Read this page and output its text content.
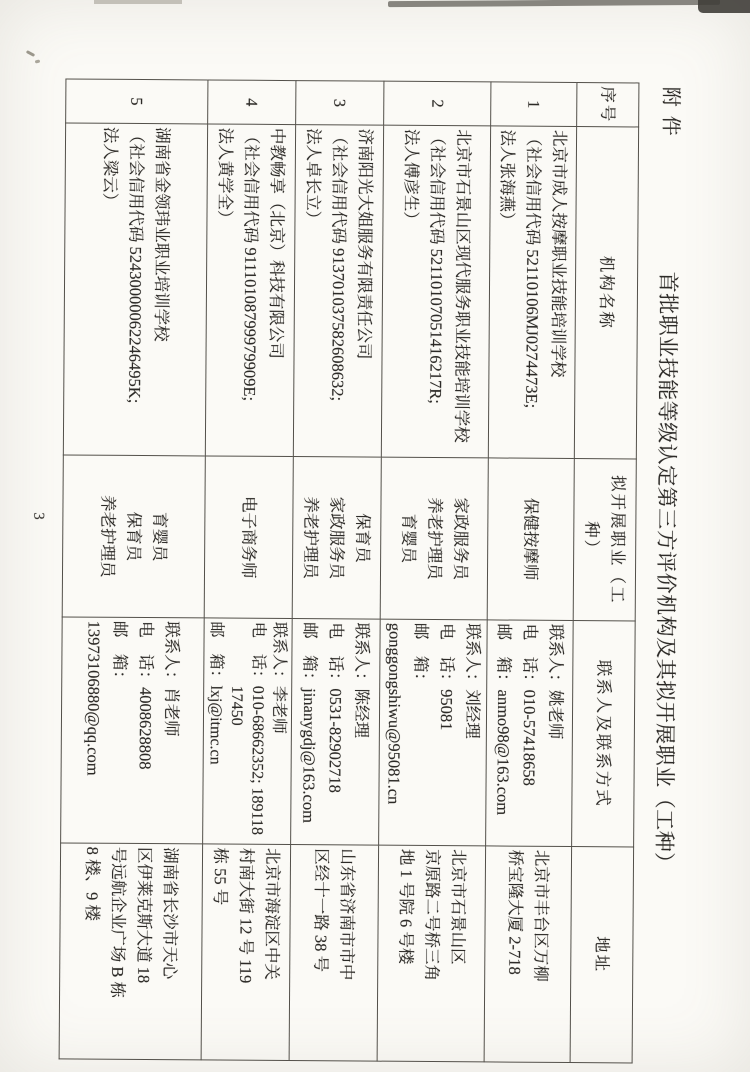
附件
首批职业技能等级认定第三方评价机构及其拟开展职业（工种）
序号	机构名称	拟开展职业（工种）	联系人及联系方式	地址
1	北京市成人按摩职业技能培训学校
（社会信用代码 52110106MJ0274473E;
法人张海燕）	保健按摩师	联系人：姚老师
电　话：010-57418658
邮　箱：anmo98@163.com	北京市丰台区万柳
桥宝隆大厦 2-718
2	北京市石景山区现代服务职业技能培训学校
（社会信用代码 52110107051416217R;
法人傅彦生）	家政服务员
养老护理员
育婴员	联系人：刘经理
电　话：95081
邮　箱：gonggongshiwu@95081.cn	北京市石景山区
京原路二号桥三角
地 1 号院 6 号楼
3	济南阳光大姐服务有限责任公司
（社会信用代码 913701037582608632;
法人卓长立）	保育员
家政服务员
养老护理员	联系人：陈经理
电　话：0531-82902718
邮　箱：jinanygdj@163.com	山东省济南市市中
区经十一路 38 号
4	中教畅享（北京）科技有限公司
（社会信用代码 91110108799979909E;
法人黄学全）	电子商务师	联系人：李老师
电　话：010-68662352; 189118
　　　　17450
邮　箱：lxj@itmc.cn	北京市海淀区中关
村南大街 12 号 119
栋 55 号
5	湖南省金领玮业职业培训学校
（社会信用代码 52430000062246495K;
法人梁云）	育婴员
保育员
养老护理员	联系人：肖老师
电　话：4008628808
邮　箱：13973106880@qq.com	湖南省长沙市天心
区伊莱克斯大道 18
号远航企业广场 B 栋
8 楼、9 楼
3
